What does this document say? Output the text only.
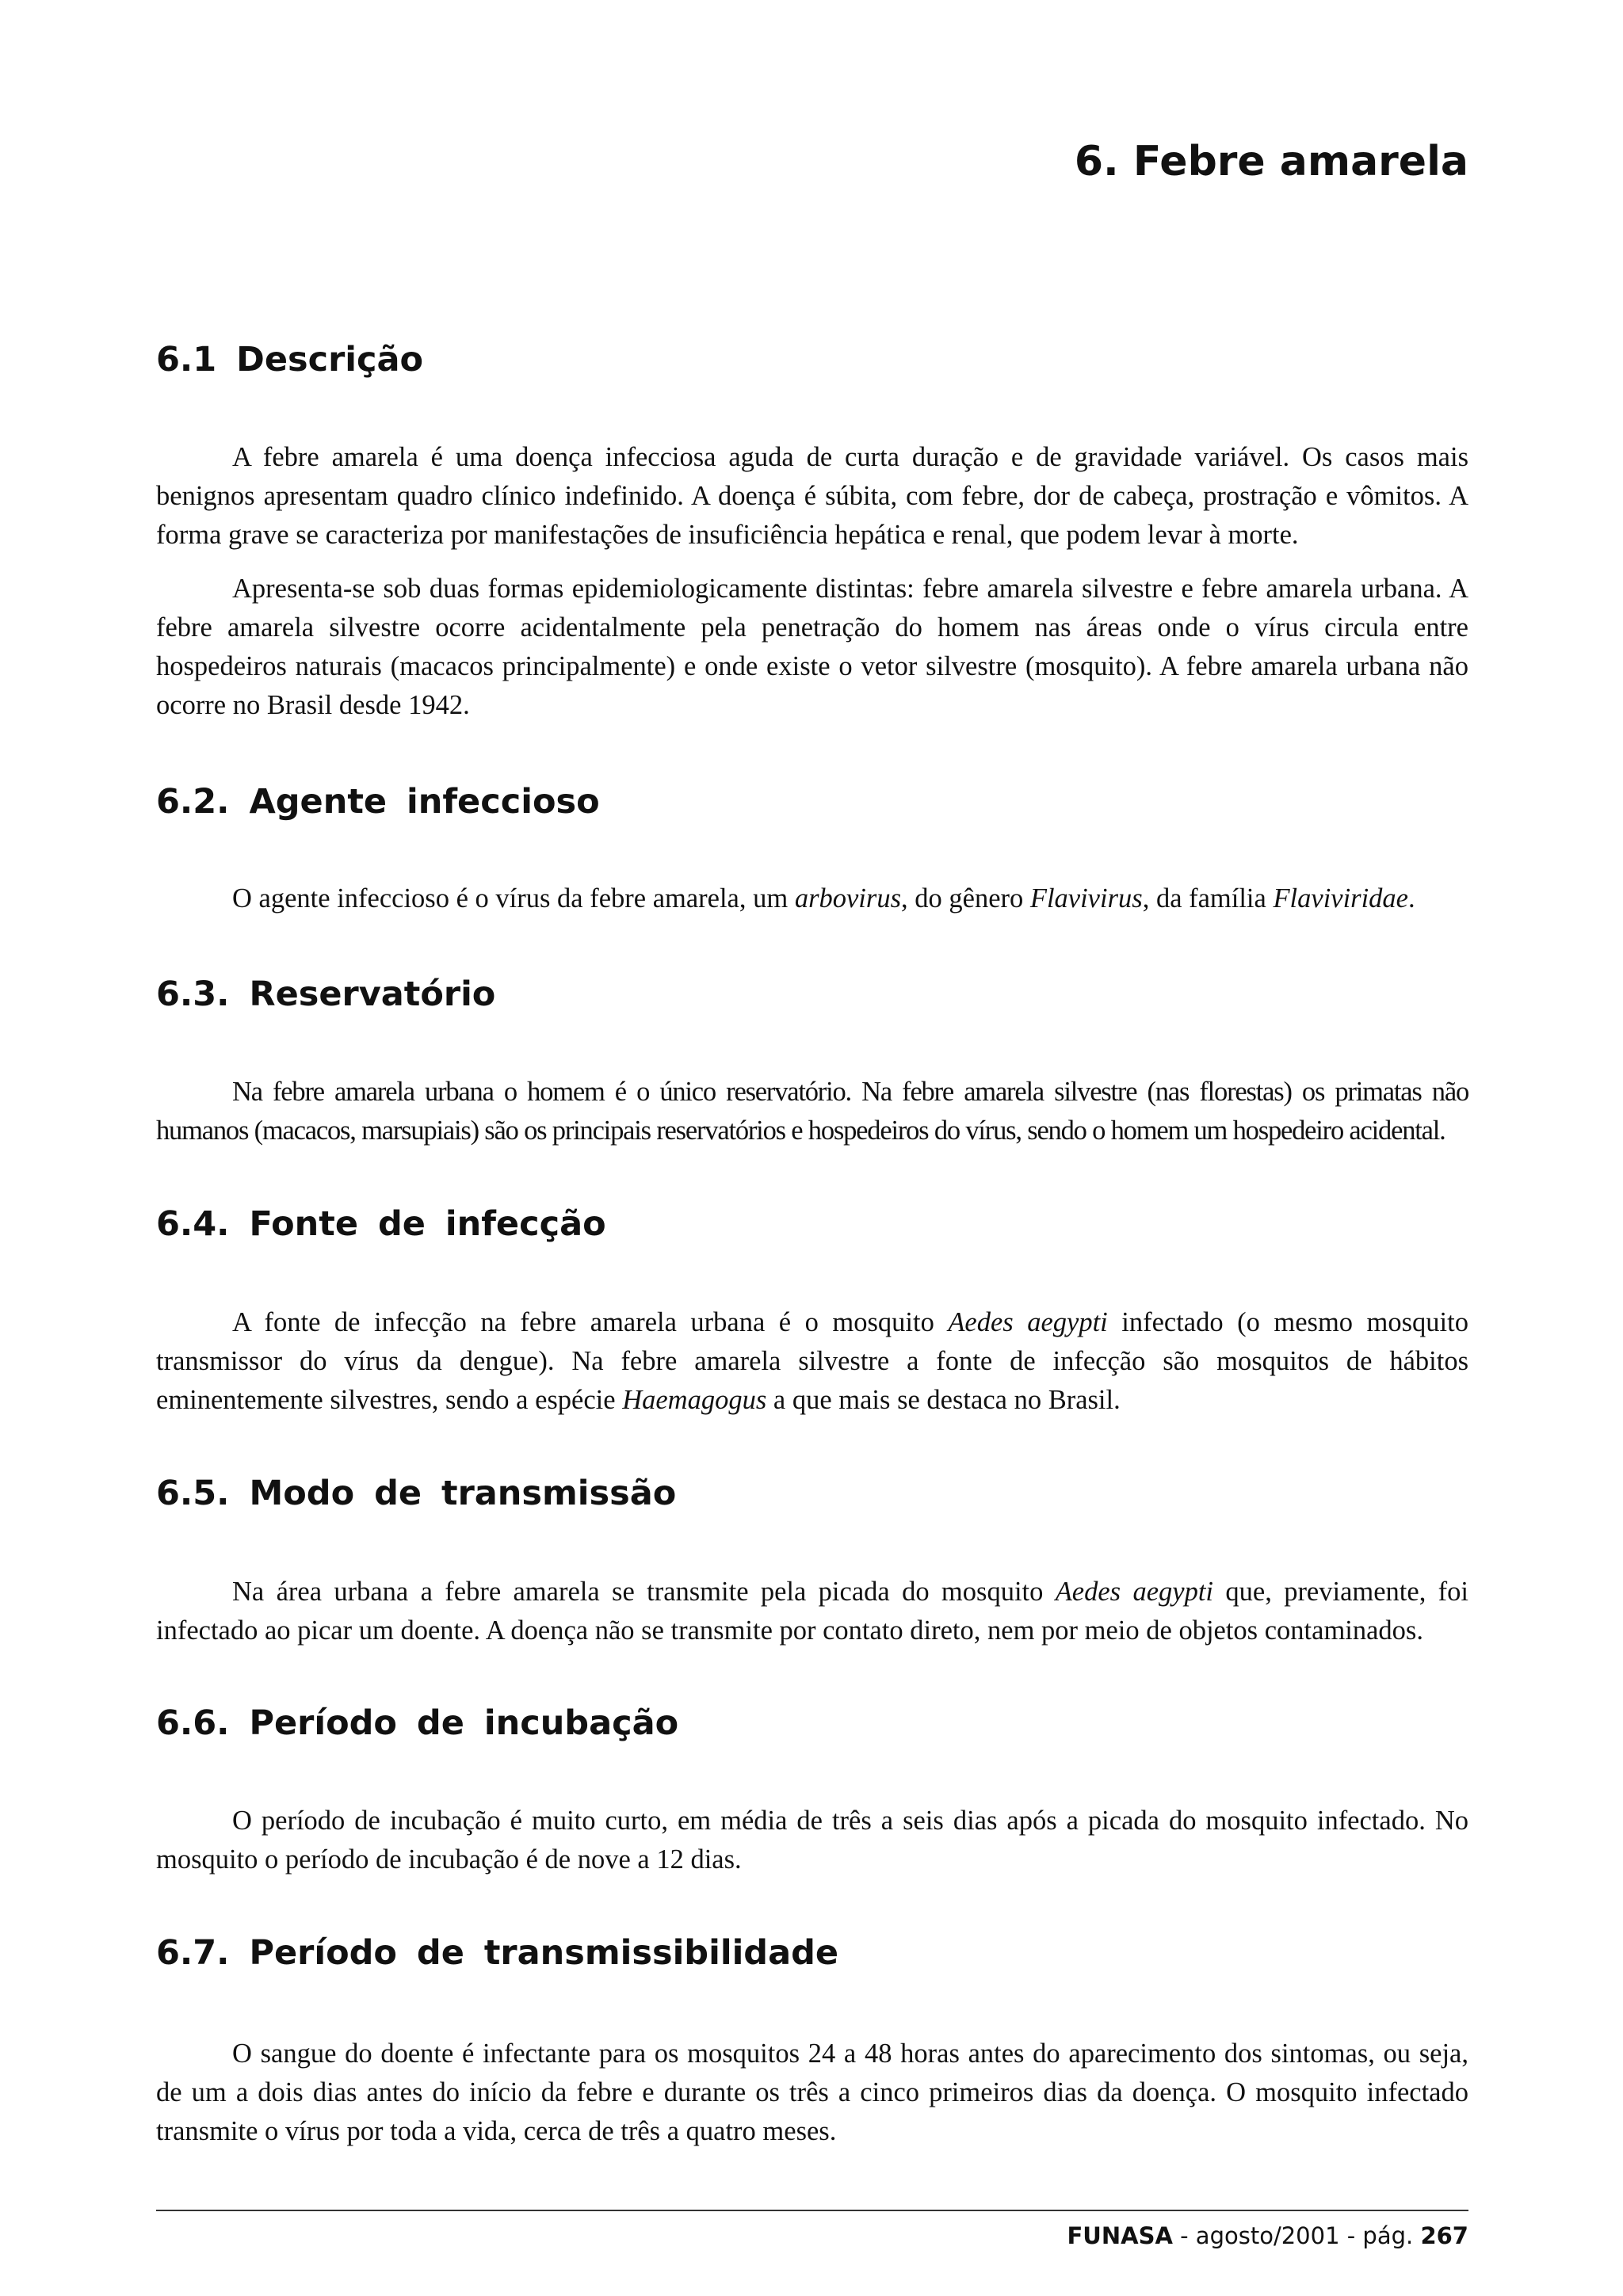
6. Febre amarela
6.1 Descrição

A febre amarela é uma doença infecciosa aguda de curta duração e de gravidade variável. Os casos mais benignos apresentam quadro clínico indefinido. A doença é súbita, com febre, dor de cabeça, prostração e vômitos. A forma grave se caracteriza por manifestações de insuficiência hepática e renal, que podem levar à morte.

Apresenta-se sob duas formas epidemiologicamente distintas: febre amarela silvestre e febre amarela urbana. A febre amarela silvestre ocorre acidentalmente pela penetração do homem nas áreas onde o vírus circula entre hospedeiros naturais (macacos principalmente) e onde existe o vetor silvestre (mosquito). A febre amarela urbana não ocorre no Brasil desde 1942.

6.2. Agente infeccioso

O agente infeccioso é o vírus da febre amarela, um arbovirus, do gênero Flavivirus, da família Flaviviridae.

6.3. Reservatório

Na febre amarela urbana o homem é o único reservatório. Na febre amarela silvestre (nas florestas) os primatas não humanos (macacos, marsupiais) são os principais reservatórios e hospedeiros do vírus, sendo o homem um hospedeiro acidental.

6.4. Fonte de infecção

A fonte de infecção na febre amarela urbana é o mosquito Aedes aegypti infectado (o mesmo mosquito transmissor do vírus da dengue). Na febre amarela silvestre a fonte de infecção são mosquitos de hábitos eminentemente silvestres, sendo a espécie Haemagogus a que mais se destaca no Brasil.

6.5. Modo de transmissão

Na área urbana a febre amarela se transmite pela picada do mosquito Aedes aegypti que, previamente, foi infectado ao picar um doente. A doença não se transmite por contato direto, nem por meio de objetos contaminados.

6.6. Período de incubação

O período de incubação é muito curto, em média de três a seis dias após a picada do mosquito infectado. No mosquito o período de incubação é de nove a 12 dias.

6.7. Período de transmissibilidade

O sangue do doente é infectante para os mosquitos 24 a 48 horas antes do aparecimento dos sintomas, ou seja, de um a dois dias antes do início da febre e durante os três a cinco primeiros dias da doença. O mosquito infectado transmite o vírus por toda a vida, cerca de três a quatro meses.

FUNASA - agosto/2001 - pág. 267
